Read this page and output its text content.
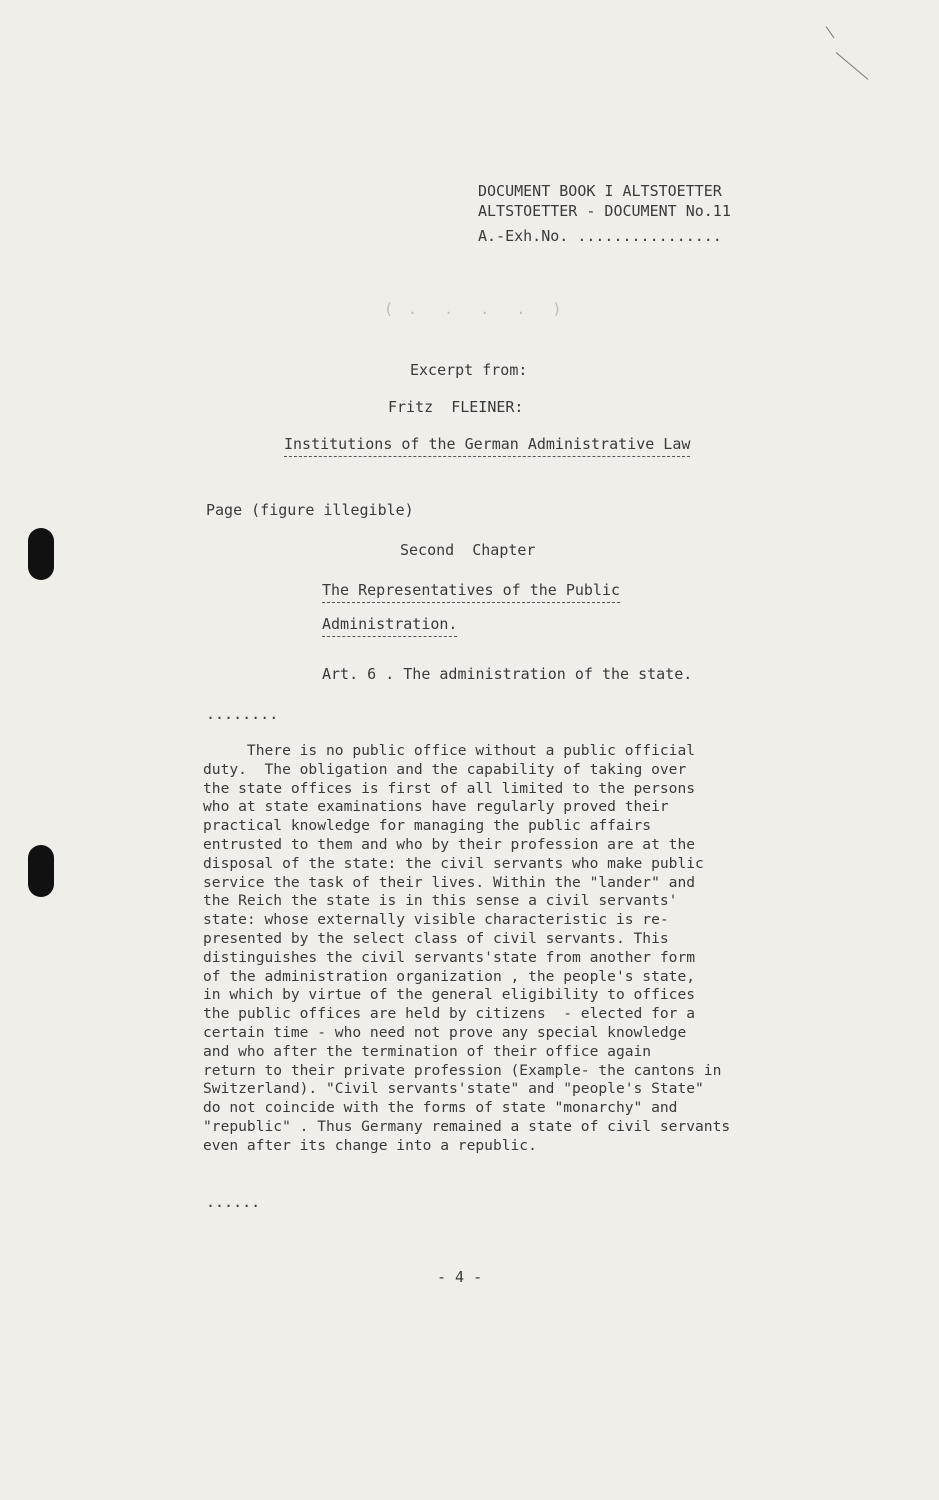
DOCUMENT BOOK I ALTSTOETTER
ALTSTOETTER - DOCUMENT No.11
A.-Exh.No. ................
( .  .  .  .  )
Excerpt from:
Fritz  FLEINER:
Institutions of the German Administrative Law
Page (figure illegible)
Second  Chapter
The Representatives of the Public
Administration.
Art. 6 . The administration of the state.
........
There is no public office without a public official
duty.  The obligation and the capability of taking over
the state offices is first of all limited to the persons
who at state examinations have regularly proved their
practical knowledge for managing the public affairs
entrusted to them and who by their profession are at the
disposal of the state: the civil servants who make public
service the task of their lives. Within the "lander" and
the Reich the state is in this sense a civil servants'
state: whose externally visible characteristic is re-
presented by the select class of civil servants. This
distinguishes the civil servants'state from another form
of the administration organization , the people's state,
in which by virtue of the general eligibility to offices
the public offices are held by citizens  - elected for a
certain time - who need not prove any special knowledge
and who after the termination of their office again
return to their private profession (Example- the cantons in
Switzerland). "Civil servants'state" and "people's State"
do not coincide with the forms of state "monarchy" and
"republic" . Thus Germany remained a state of civil servants
even after its change into a republic.
......
- 4 -
